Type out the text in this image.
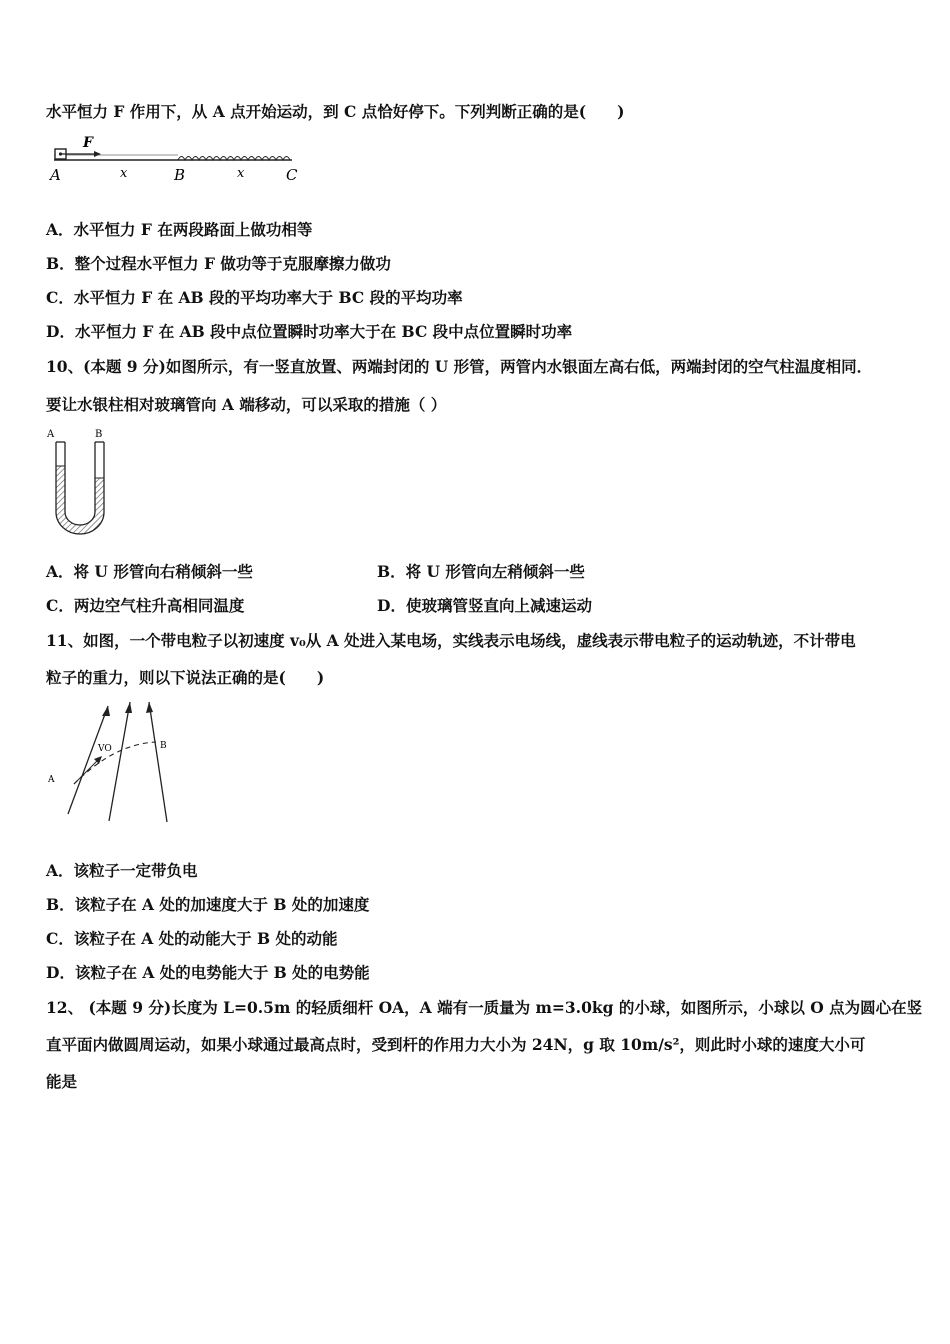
水平恒力 F 作用下，从 A 点开始运动，到 C 点恰好停下。下列判断正确的是(　　)
F
A	x	B	x	C
A．水平恒力 F 在两段路面上做功相等
B．整个过程水平恒力 F 做功等于克服摩擦力做功
C．水平恒力 F 在 AB 段的平均功率大于 BC 段的平均功率
D．水平恒力 F 在 AB 段中点位置瞬时功率大于在 BC 段中点位置瞬时功率
10、(本题 9 分)如图所示，有一竖直放置、两端封闭的 U 形管，两管内水银面左高右低，两端封闭的空气柱温度相同．
要让水银柱相对玻璃管向 A 端移动，可以采取的措施（ ）
A	B
A．将 U 形管向右稍倾斜一些	B．将 U 形管向左稍倾斜一些
C．两边空气柱升高相同温度	D．使玻璃管竖直向上减速运动
11、如图，一个带电粒子以初速度 v₀从 A 处进入某电场，实线表示电场线，虚线表示带电粒子的运动轨迹，不计带电
粒子的重力，则以下说法正确的是(　　)
A
VO	B
A．该粒子一定带负电
B．该粒子在 A 处的加速度大于 B 处的加速度
C．该粒子在 A 处的动能大于 B 处的动能
D．该粒子在 A 处的电势能大于 B 处的电势能
12、 (本题 9 分)长度为 L=0.5m 的轻质细杆 OA，A 端有一质量为 m=3.0kg 的小球，如图所示，小球以 O 点为圆心在竖
直平面内做圆周运动，如果小球通过最高点时，受到杆的作用力大小为 24N，g 取 10m/s²，则此时小球的速度大小可
能是
